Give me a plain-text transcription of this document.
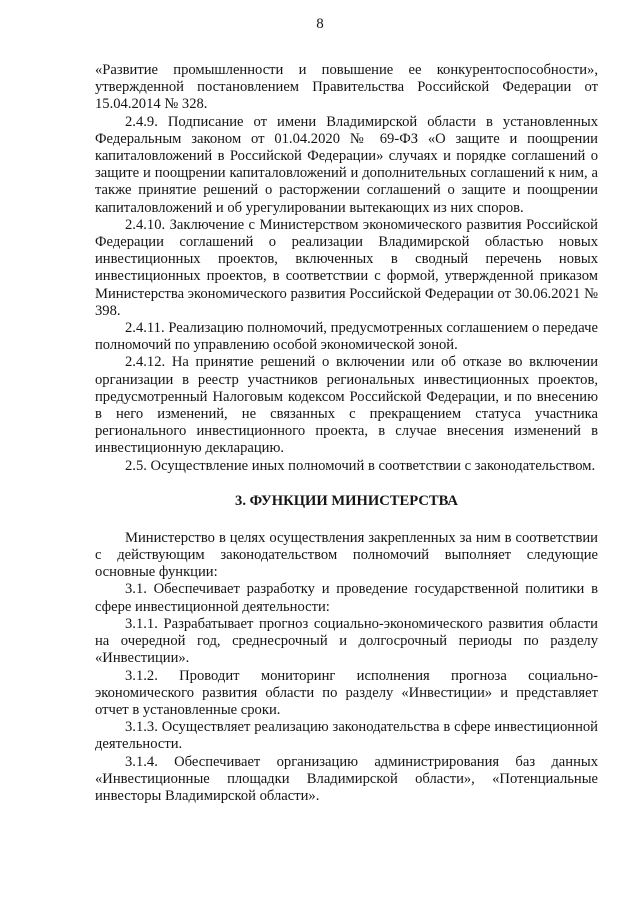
8

«Развитие промышленности и повышение ее конкурентоспособности», утвержденной постановлением Правительства Российской Федерации от 15.04.2014 № 328.

2.4.9. Подписание от имени Владимирской области в установленных Федеральным законом от 01.04.2020 № 69-ФЗ «О защите и поощрении капиталовложений в Российской Федерации» случаях и порядке соглашений о защите и поощрении капиталовложений и дополнительных соглашений к ним, а также принятие решений о расторжении соглашений о защите и поощрении капиталовложений и об урегулировании вытекающих из них споров.

2.4.10. Заключение с Министерством экономического развития Российской Федерации соглашений о реализации Владимирской областью новых инвестиционных проектов, включенных в сводный перечень новых инвестиционных проектов, в соответствии с формой, утвержденной приказом Министерства экономического развития Российской Федерации от 30.06.2021 № 398.

2.4.11. Реализацию полномочий, предусмотренных соглашением о передаче полномочий по управлению особой экономической зоной.

2.4.12. На принятие решений о включении или об отказе во включении организации в реестр участников региональных инвестиционных проектов, предусмотренный Налоговым кодексом Российской Федерации, и по внесению в него изменений, не связанных с прекращением статуса участника регионального инвестиционного проекта, в случае внесения изменений в инвестиционную декларацию.

2.5. Осуществление иных полномочий в соответствии с законодательством.

3. ФУНКЦИИ МИНИСТЕРСТВА

Министерство в целях осуществления закрепленных за ним в соответствии с действующим законодательством полномочий выполняет следующие основные функции:

3.1. Обеспечивает разработку и проведение государственной политики в сфере инвестиционной деятельности:

3.1.1. Разрабатывает прогноз социально-экономического развития области на очередной год, среднесрочный и долгосрочный периоды по разделу «Инвестиции».

3.1.2. Проводит мониторинг исполнения прогноза социально-экономического развития области по разделу «Инвестиции» и представляет отчет в установленные сроки.

3.1.3. Осуществляет реализацию законодательства в сфере инвестиционной деятельности.

3.1.4. Обеспечивает организацию администрирования баз данных «Инвестиционные площадки Владимирской области», «Потенциальные инвесторы Владимирской области».
